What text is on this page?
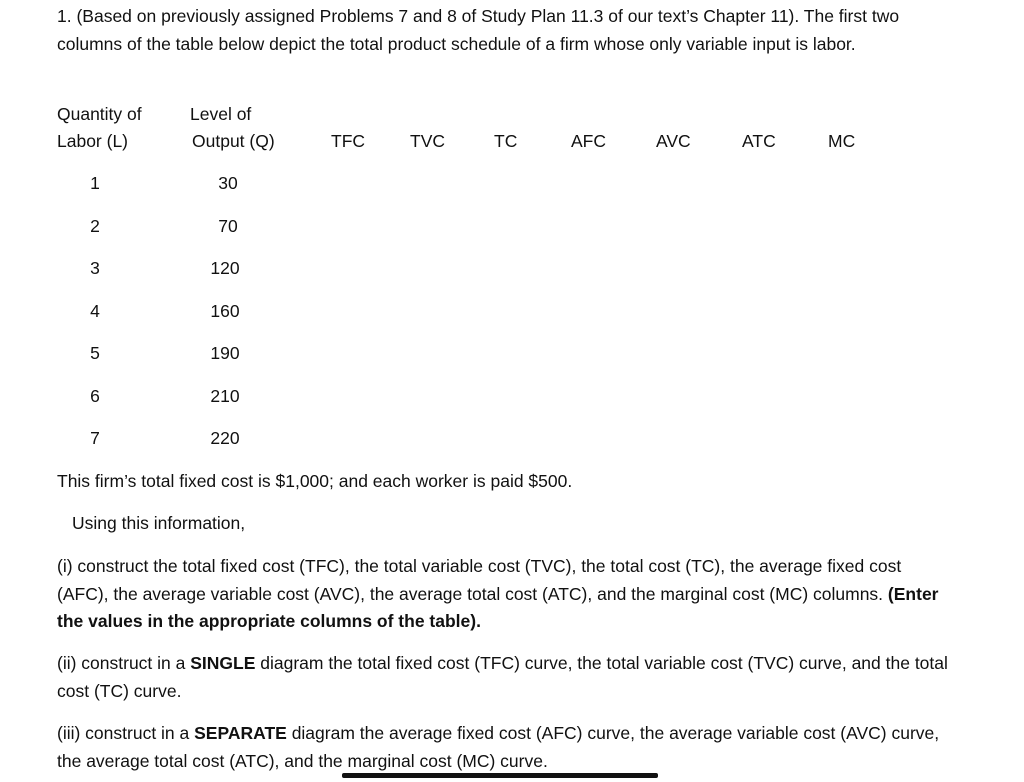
1. (Based on previously assigned Problems 7 and 8 of Study Plan 11.3 of our text’s Chapter 11). The first two columns of the table below depict the total product schedule of a firm whose only variable input is labor.

Quantity of
Labor (L)
Level of
Output (Q)	TFC	TVC	TC	AFC	AVC	ATC	MC
1	30
2	70
3	120
4	160
5	190
6	210
7	220

This firm’s total fixed cost is $1,000; and each worker is paid $500.

Using this information,

(i) construct the total fixed cost (TFC), the total variable cost (TVC), the total cost (TC), the average fixed cost (AFC), the average variable cost (AVC), the average total cost (ATC), and the marginal cost (MC) columns. (Enter the values in the appropriate columns of the table).

(ii) construct in a SINGLE diagram the total fixed cost (TFC) curve, the total variable cost (TVC) curve, and the total cost (TC) curve.

(iii) construct in a SEPARATE diagram the average fixed cost (AFC) curve, the average variable cost (AVC) curve, the average total cost (ATC), and the marginal cost (MC) curve.
